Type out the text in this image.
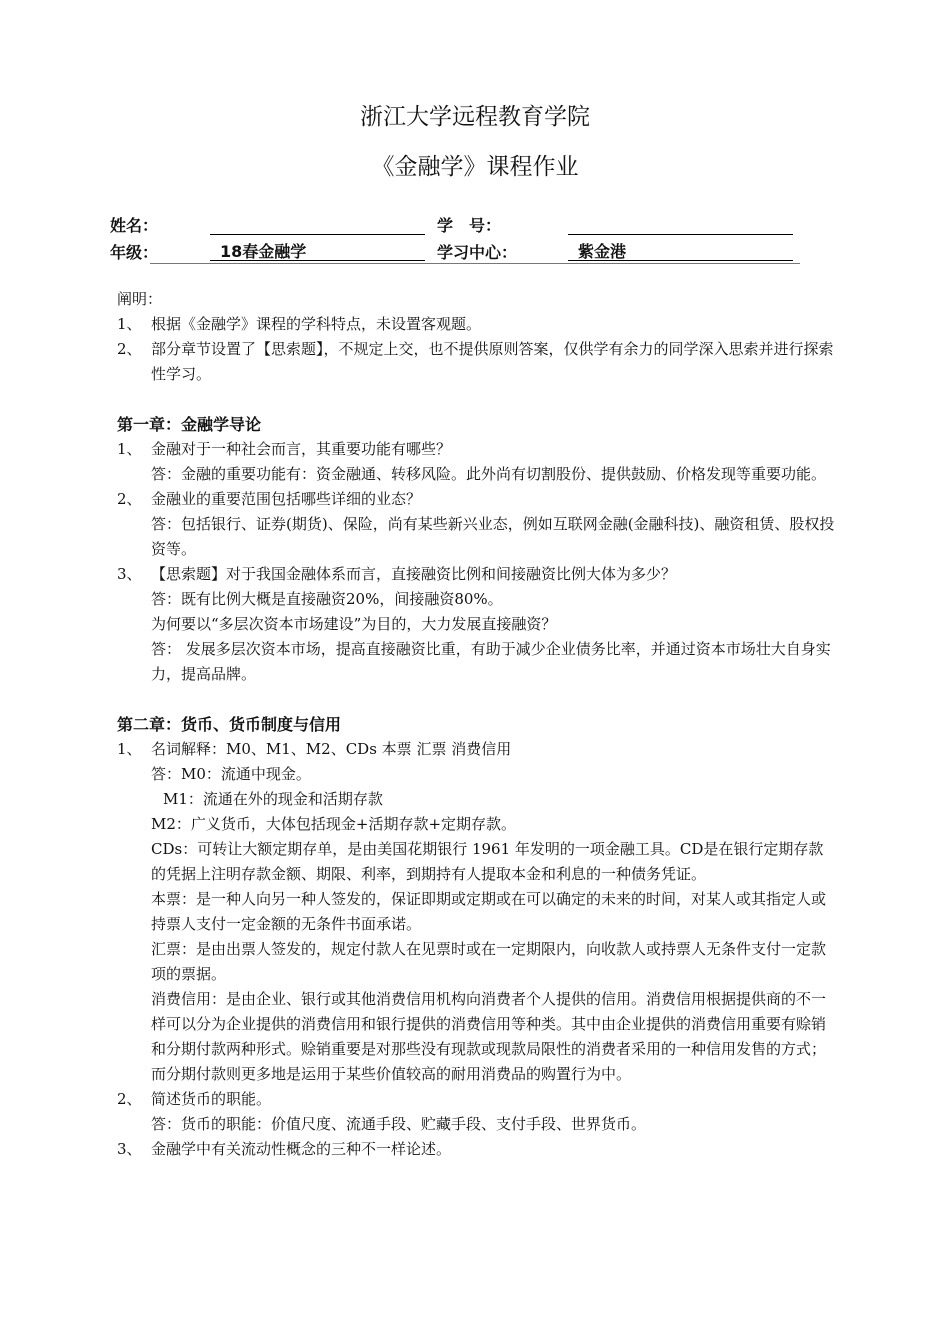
浙江大学远程教育学院
《金融学》课程作业
姓名：	学　号：
年级：	18春金融学	学习中心：	紫金港

阐明：

1、 根据《金融学》课程的学科特点，未设置客观题。
2、 部分章节设置了【思索题】，不规定上交，也不提供原则答案，仅供学有余力的同学深入思索并进行探索性学习。
第一章：金融学导论
1、 金融对于一种社会而言，其重要功能有哪些？

答：金融的重要功能有：资金融通、转移风险。此外尚有切割股份、提供鼓励、价格发现等重要功能。

2、 金融业的重要范围包括哪些详细的业态？

答：包括银行、证券(期货)、保险，尚有某些新兴业态，例如互联网金融(金融科技)、融资租赁、股权投资等。

3、 【思索题】对于我国金融体系而言，直接融资比例和间接融资比例大体为多少？

答：既有比例大概是直接融资20%，间接融资80%。

为何要以“多层次资本市场建设”为目的，大力发展直接融资？

答： 发展多层次资本市场，提高直接融资比重，有助于减少企业债务比率，并通过资本市场壮大自身实力，提高品牌。

第二章：货币、货币制度与信用
1、 名词解释：M0、M1、M2、CDs 本票 汇票 消费信用

答：M0：流通中现金。

M1：流通在外的现金和活期存款

M2：广义货币，大体包括现金+活期存款+定期存款。

CDs：可转让大额定期存单，是由美国花期银行 1961 年发明的一项金融工具。CD是在银行定期存款的凭据上注明存款金额、期限、利率，到期持有人提取本金和利息的一种债务凭证。

本票：是一种人向另一种人签发的，保证即期或定期或在可以确定的未来的时间，对某人或其指定人或持票人支付一定金额的无条件书面承诺。

汇票：是由出票人签发的，规定付款人在见票时或在一定期限内，向收款人或持票人无条件支付一定款项的票据。

消费信用：是由企业、银行或其他消费信用机构向消费者个人提供的信用。消费信用根据提供商的不一样可以分为企业提供的消费信用和银行提供的消费信用等种类。其中由企业提供的消费信用重要有赊销和分期付款两种形式。赊销重要是对那些没有现款或现款局限性的消费者采用的一种信用发售的方式；而分期付款则更多地是运用于某些价值较高的耐用消费品的购置行为中。

2、 简述货币的职能。

答：货币的职能：价值尺度、流通手段、贮藏手段、支付手段、世界货币。

3、 金融学中有关流动性概念的三种不一样论述。
